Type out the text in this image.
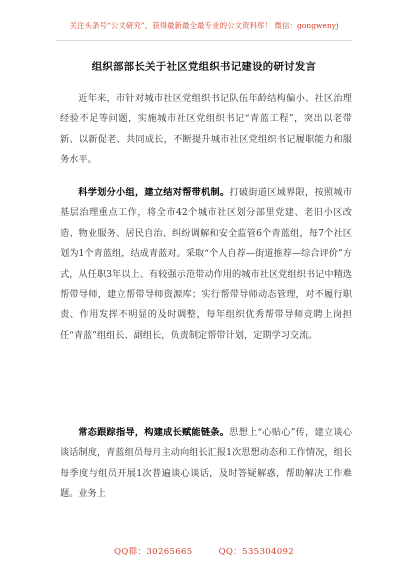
关注头条号“公文研究”，获得最新最全最专业的公文资料库！ 微信：gongwenyj
组织部部长关于社区党组织书记建设的研讨发言

近年来，市针对城市社区党组织书记队伍年龄结构偏小、社区治理经验不足等问题，实施城市社区党组织书记“青蓝工程”，突出以老带新、以新促老、共同成长，不断提升城市社区党组织书记履职能力和服务水平。

科学划分小组，建立结对帮带机制。打破街道区域界限，按照城市基层治理重点工作，将全市42个城市社区划分部里党建、老旧小区改造、物业服务、居民自治、纠纷调解和安全监管6个青蓝组，每7个社区划为1个青蓝组，结成青蓝对。采取“个人自荐—街道推荐—综合评价”方式，从任职3年以上、有较强示范带动作用的城市社区党组织书记中精选帮带导师，建立帮带导师资源库；实行帮带导师动态管理，对不履行职责、作用发挥不明显的及时调整，每年组织优秀帮带导师竞聘上岗担任“青蓝”组组长、副组长，负责制定帮带计划，定期学习交流。

常态跟踪指导，构建成长赋能链条。思想上“心贴心”传，建立谈心谈话制度，青蓝组员每月主动向组长汇报1次思想动态和工作情况，组长每季度与组员开展1次普遍谈心谈话，及时答疑解惑，帮助解决工作难题。业务上

QQ群：30265665	QQ：535304092
